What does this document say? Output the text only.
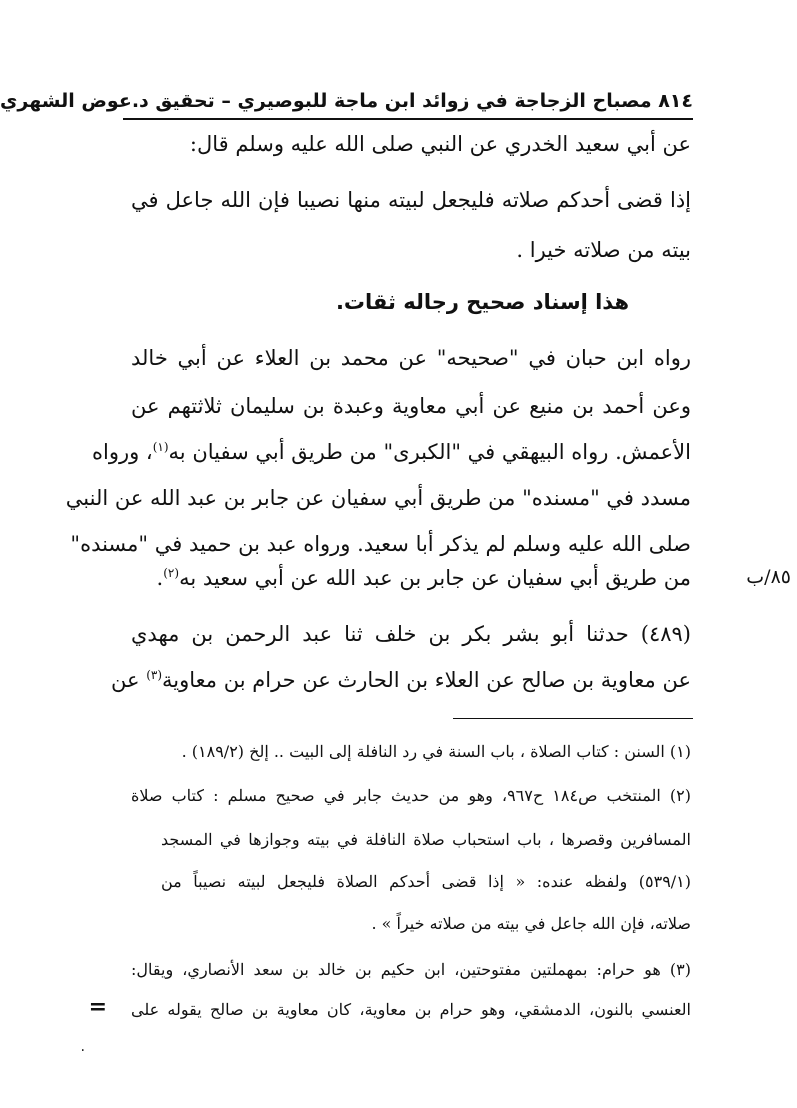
٨١٤ مصباح الزجاجة في زوائد ابن ماجة للبوصيري – تحقيق د.عوض الشهري
عن أبي سعيد الخدري عن النبي صلى الله عليه وسلم قال:
إذا قضى أحدكم صلاته فليجعل لبيته منها نصيبا فإن الله جاعل في
بيته من صلاته خيرا .
هذا إسناد صحيح رجاله ثقات.
رواه ابن حبان في "صحيحه" عن محمد بن العلاء عن أبي خالد
وعن أحمد بن منيع عن أبي معاوية وعبدة بن سليمان ثلاثتهم عن
الأعمش. رواه البيهقي في "الكبرى" من طريق أبي سفيان به$^{(١)}$، ورواه
مسدد في "مسنده" من طريق أبي سفيان عن جابر بن عبد الله عن النبي
صلى الله عليه وسلم لم يذكر أبا سعيد. ورواه عبد بن حميد في "مسنده"
من طريق أبي سفيان عن جابر بن عبد الله عن أبي سعيد به$^{(٢)}$.
(٤٨٩) حدثنا أبو بشر بكر بن خلف ثنا عبد الرحمن بن مهدي
عن معاوية بن صالح عن العلاء بن الحارث عن حرام بن معاوية$^{(٣)}$ عن
٨٥/ب
(١) السنن : كتاب الصلاة ، باب السنة في رد النافلة إلى البيت .. إلخ (١٨٩/٢) .
(٢) المنتخب ص١٨٤ ح٩٦٧، وهو من حديث جابر في صحيح مسلم : كتاب صلاة
المسافرين وقصرها ، باب استحباب صلاة النافلة في بيته وجوازها في المسجد
(٥٣٩/١) ولفظه عنده: « إذا قضى أحدكم الصلاة فليجعل لبيته نصيباً من
صلاته، فإن الله جاعل في بيته من صلاته خيراً » .
(٣) هو حرام: بمهملتين مفتوحتين، ابن حكيم بن خالد بن سعد الأنصاري، ويقال:
العنسي بالنون، الدمشقي، وهو حرام بن معاوية، كان معاوية بن صالح يقوله على
=
٠
